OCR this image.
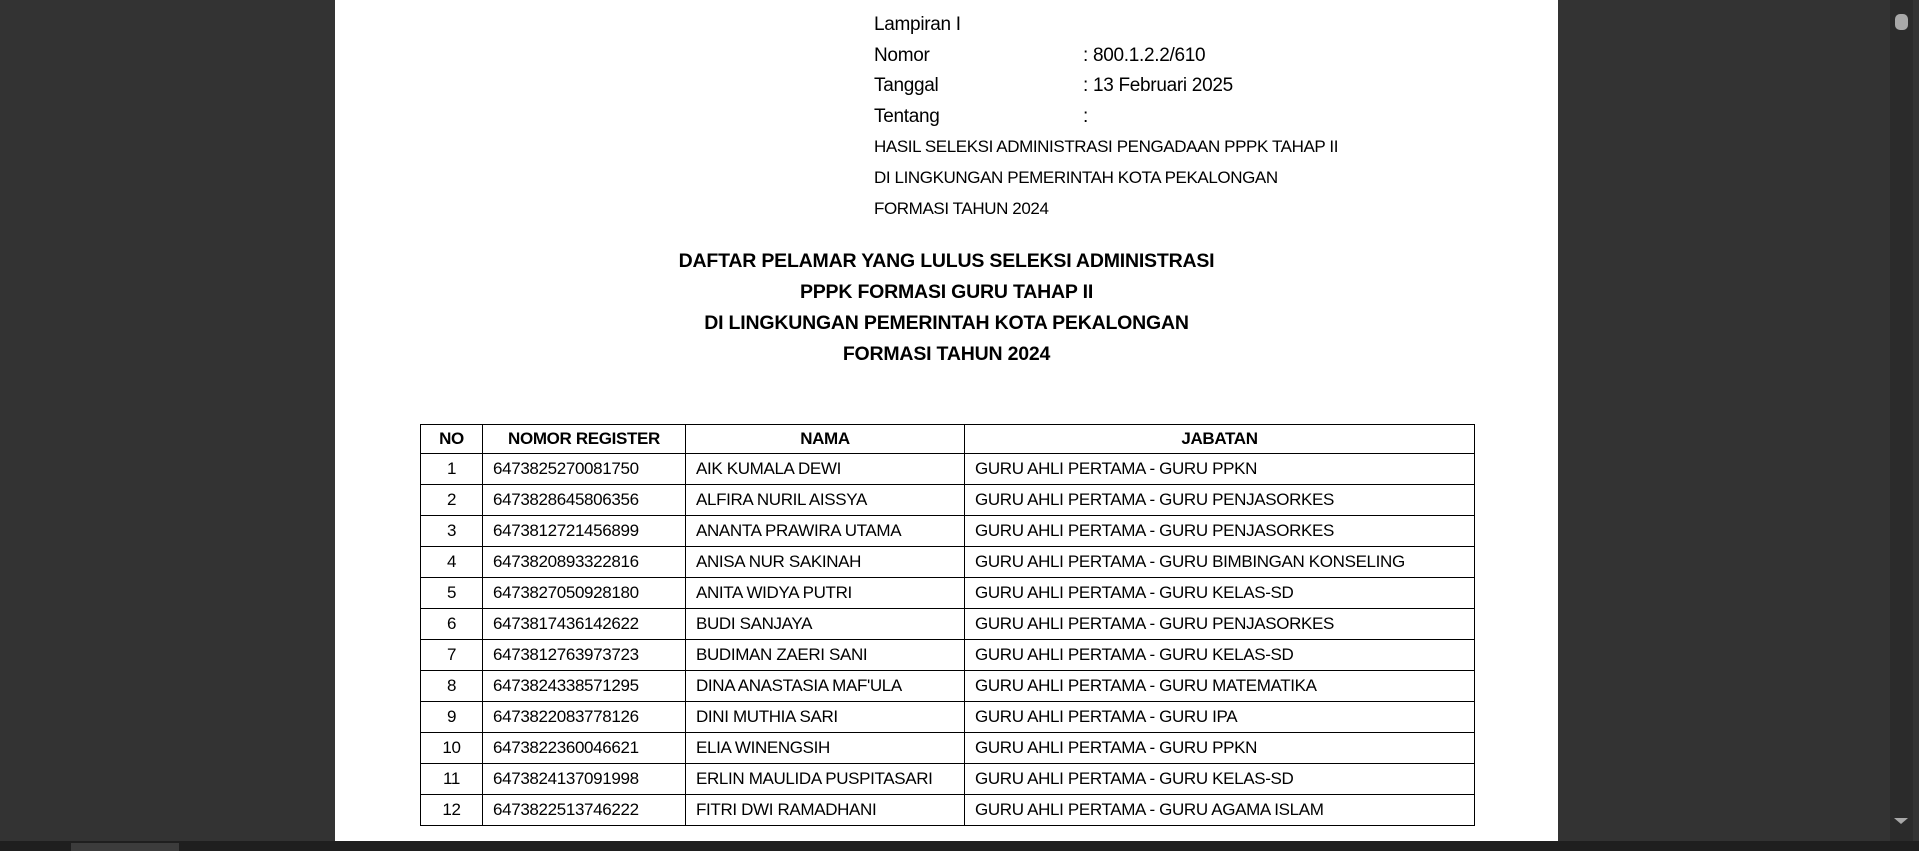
Lampiran I
Nomor	: 800.1.2.2/610
Tanggal	: 13 Februari 2025
Tentang	:
HASIL SELEKSI ADMINISTRASI PENGADAAN PPPK TAHAP II
DI LINGKUNGAN PEMERINTAH KOTA PEKALONGAN
FORMASI TAHUN 2024
DAFTAR PELAMAR YANG LULUS SELEKSI ADMINISTRASI
PPPK FORMASI GURU TAHAP II
DI LINGKUNGAN PEMERINTAH KOTA PEKALONGAN
FORMASI TAHUN 2024
NO	NOMOR REGISTER	NAMA	JABATAN
1	6473825270081750	AIK KUMALA DEWI	GURU AHLI PERTAMA - GURU PPKN
2	6473828645806356	ALFIRA NURIL AISSYA	GURU AHLI PERTAMA - GURU PENJASORKES
3	6473812721456899	ANANTA PRAWIRA UTAMA	GURU AHLI PERTAMA - GURU PENJASORKES
4	6473820893322816	ANISA NUR SAKINAH	GURU AHLI PERTAMA - GURU BIMBINGAN KONSELING
5	6473827050928180	ANITA WIDYA PUTRI	GURU AHLI PERTAMA - GURU KELAS-SD
6	6473817436142622	BUDI SANJAYA	GURU AHLI PERTAMA - GURU PENJASORKES
7	6473812763973723	BUDIMAN ZAERI SANI	GURU AHLI PERTAMA - GURU KELAS-SD
8	6473824338571295	DINA ANASTASIA MAF'ULA	GURU AHLI PERTAMA - GURU MATEMATIKA
9	6473822083778126	DINI MUTHIA SARI	GURU AHLI PERTAMA - GURU IPA
10	6473822360046621	ELIA WINENGSIH	GURU AHLI PERTAMA - GURU PPKN
11	6473824137091998	ERLIN MAULIDA PUSPITASARI	GURU AHLI PERTAMA - GURU KELAS-SD
12	6473822513746222	FITRI DWI RAMADHANI	GURU AHLI PERTAMA - GURU AGAMA ISLAM
